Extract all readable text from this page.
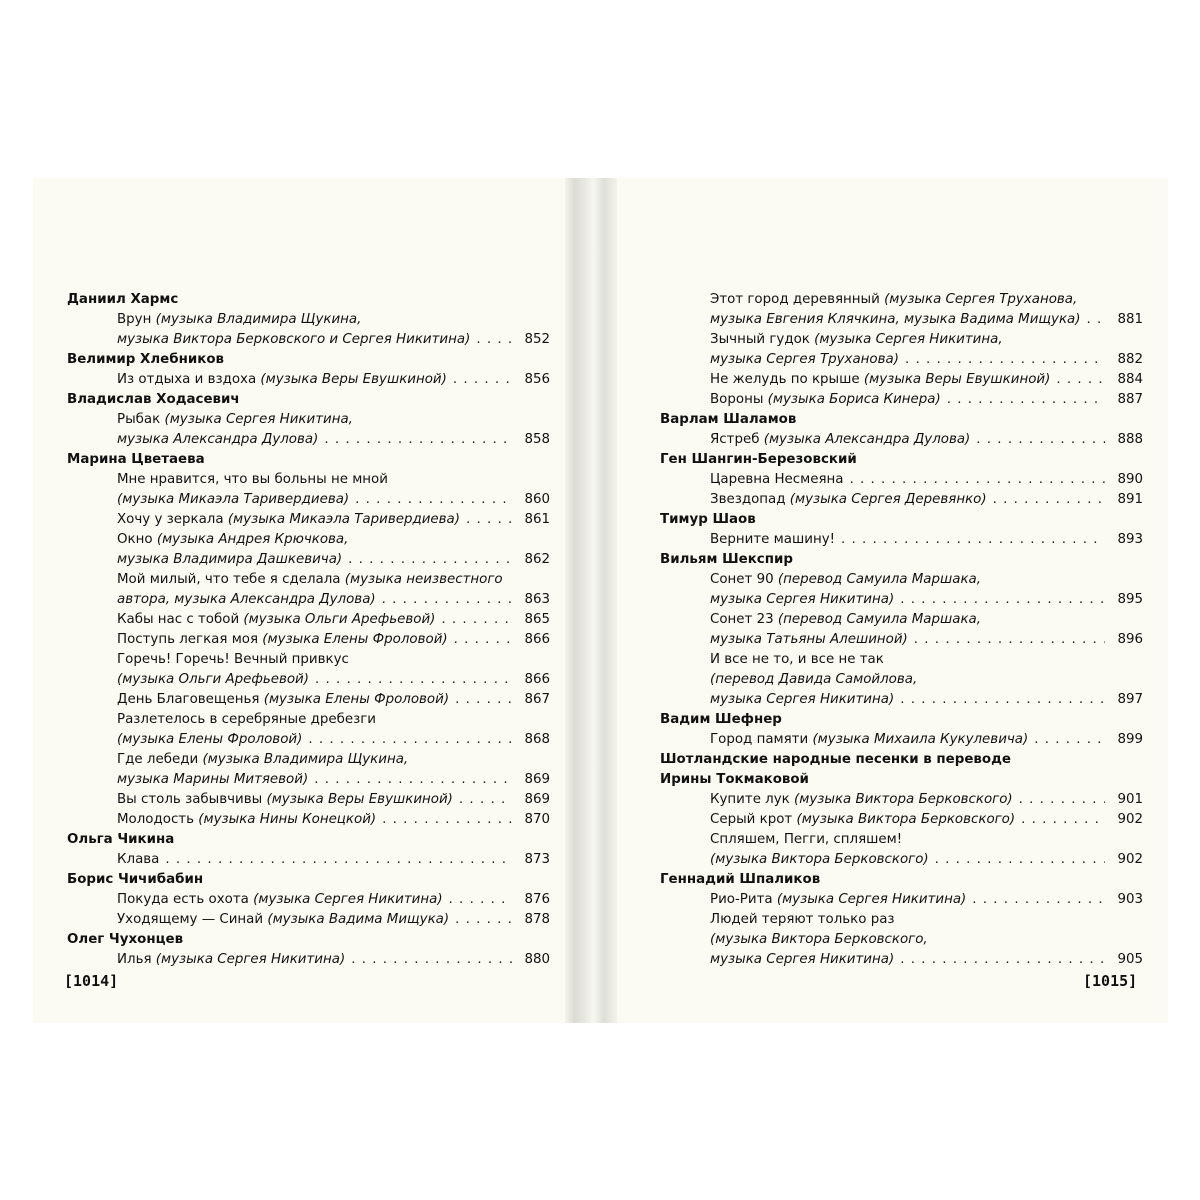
Даниил Хармс
Врун (музыка Владимира Щукина,
музыка Виктора Берковского и Сергея Никитина) . . .	852
Велимир Хлебников
Из отдыха и вздоха (музыка Веры Евушкиной) . . .	856
Владислав Ходасевич
Рыбак (музыка Сергея Никитина,
музыка Александра Дулова) . . .	858
Марина Цветаева
Мне нравится, что вы больны не мной
(музыка Микаэла Таривердиева) . . .	860
Хочу у зеркала (музыка Микаэла Таривердиева) . . .	861
Окно (музыка Андрея Крючкова,
музыка Владимира Дашкевича) . . .	862
Мой милый, что тебе я сделала (музыка неизвестного
автора, музыка Александра Дулова) . . .	863
Кабы нас с тобой (музыка Ольги Арефьевой) . . .	865
Поступь легкая моя (музыка Елены Фроловой) . . .	866
Горечь! Горечь! Вечный привкус
(музыка Ольги Арефьевой) . . .	866
День Благовещенья (музыка Елены Фроловой) . . .	867
Разлетелось в серебряные дребезги
(музыка Елены Фроловой) . . .	868
Где лебеди (музыка Владимира Щукина,
музыка Марины Митяевой) . . .	869
Вы столь забывчивы (музыка Веры Евушкиной) . . .	869
Молодость (музыка Нины Конецкой) . . .	870
Ольга Чикина
Клава . . .	873
Борис Чичибабин
Покуда есть охота (музыка Сергея Никитина) . . .	876
Уходящему — Синай (музыка Вадима Мищука) . . .	878
Олег Чухонцев
Илья (музыка Сергея Никитина) . . .	880
Этот город деревянный (музыка Сергея Труханова,
музыка Евгения Клячкина, музыка Вадима Мищука) . . .	881
Зычный гудок (музыка Сергея Никитина,
музыка Сергея Труханова) . . .	882
Не желудь по крыше (музыка Веры Евушкиной) . . .	884
Вороны (музыка Бориса Кинера) . . .	887
Варлам Шаламов
Ястреб (музыка Александра Дулова) . . .	888
Ген Шангин-Березовский
Царевна Несмеяна . . .	890
Звездопад (музыка Сергея Деревянко) . . .	891
Тимур Шаов
Верните машину! . . .	893
Вильям Шекспир
Сонет 90 (перевод Самуила Маршака,
музыка Сергея Никитина) . . .	895
Сонет 23 (перевод Самуила Маршака,
музыка Татьяны Алешиной) . . .	896
И все не то, и все не так
(перевод Давида Самойлова,
музыка Сергея Никитина) . . .	897
Вадим Шефнер
Город памяти (музыка Михаила Кукулевича) . . .	899
Шотландские народные песенки в переводе
Ирины Токмаковой
Купите лук (музыка Виктора Берковского) . . .	901
Серый крот (музыка Виктора Берковского) . . .	902
Спляшем, Пегги, спляшем!
(музыка Виктора Берковского) . . .	902
Геннадий Шпаликов
Рио-Рита (музыка Сергея Никитина) . . .	903
Людей теряют только раз
(музыка Виктора Берковского,
музыка Сергея Никитина) . . .	905
[1014]	[1015]
